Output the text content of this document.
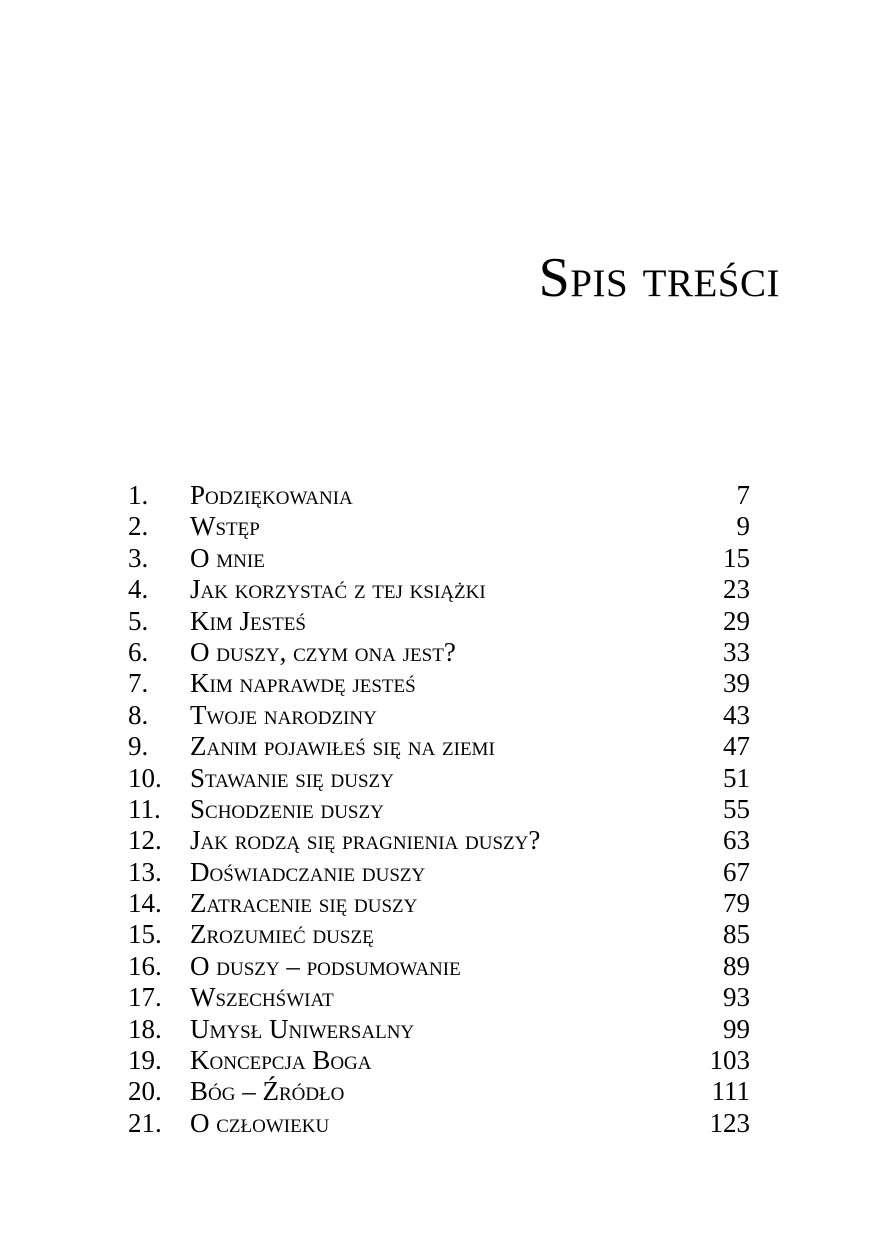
Spis treści
1.	Podziękowania	7
2.	Wstęp	9
3.	O mnie	15
4.	Jak korzystać z tej książki	23
5.	Kim Jesteś	29
6.	O duszy, czym ona jest?	33
7.	Kim naprawdę jesteś	39
8.	Twoje narodziny	43
9.	Zanim pojawiłeś się na ziemi	47
10.	Stawanie się duszy	51
11.	Schodzenie duszy	55
12.	Jak rodzą się pragnienia duszy?	63
13.	Doświadczanie duszy	67
14.	Zatracenie się duszy	79
15.	Zrozumieć duszę	85
16.	O duszy – podsumowanie	89
17.	Wszechświat	93
18.	Umysł Uniwersalny	99
19.	Koncepcja Boga	103
20.	Bóg – Źródło	111
21.	O człowieku	123
